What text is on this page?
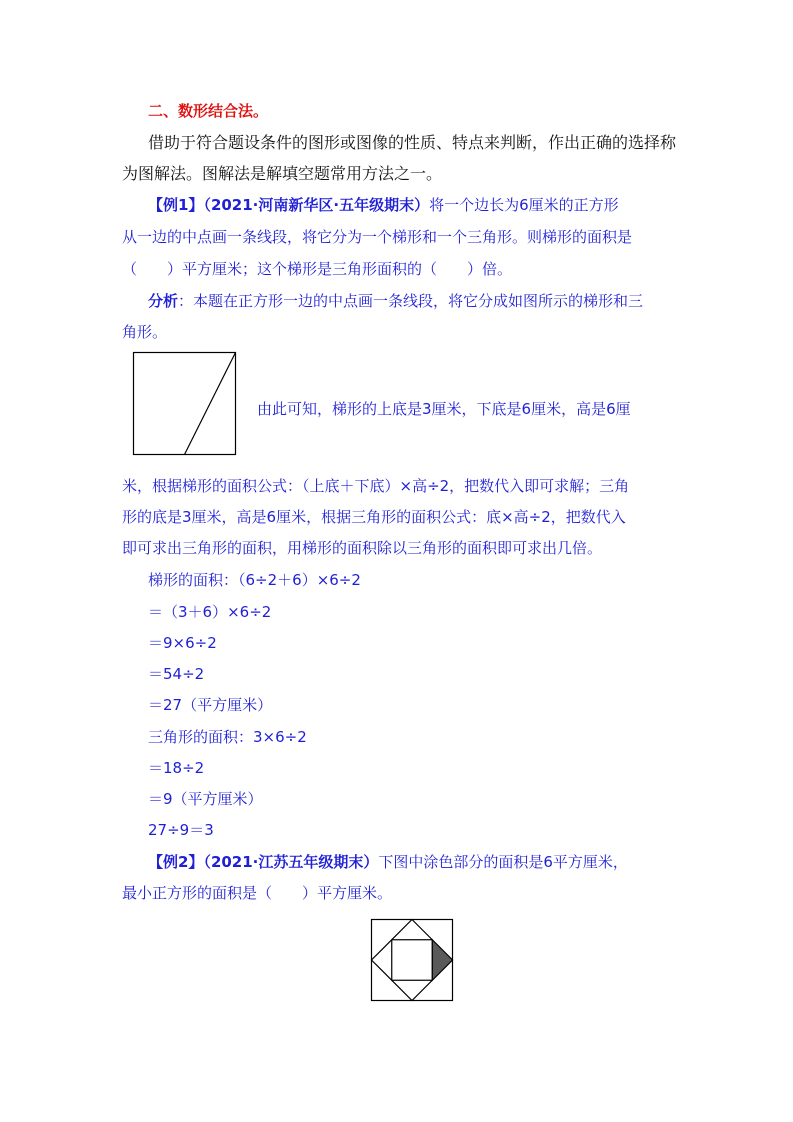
二、数形结合法。
借助于符合题设条件的图形或图像的性质、特点来判断，作出正确的选择称
为图解法。图解法是解填空题常用方法之一。
【例1】（2021·河南新华区·五年级期末）将一个边长为6厘米的正方形
从一边的中点画一条线段，将它分为一个梯形和一个三角形。则梯形的面积是
（　　）平方厘米；这个梯形是三角形面积的（　　）倍。
分析：本题在正方形一边的中点画一条线段，将它分成如图所示的梯形和三
角形。
由此可知，梯形的上底是3厘米，下底是6厘米，高是6厘
米，根据梯形的面积公式：（上底＋下底）×高÷2，把数代入即可求解；三角
形的底是3厘米，高是6厘米，根据三角形的面积公式：底×高÷2，把数代入
即可求出三角形的面积，用梯形的面积除以三角形的面积即可求出几倍。
梯形的面积：（6÷2＋6）×6÷2
＝（3＋6）×6÷2
＝9×6÷2
＝54÷2
＝27（平方厘米）
三角形的面积：3×6÷2
＝18÷2
＝9（平方厘米）
27÷9＝3
【例2】（2021·江苏五年级期末）下图中涂色部分的面积是6平方厘米，
最小正方形的面积是（　　）平方厘米。
